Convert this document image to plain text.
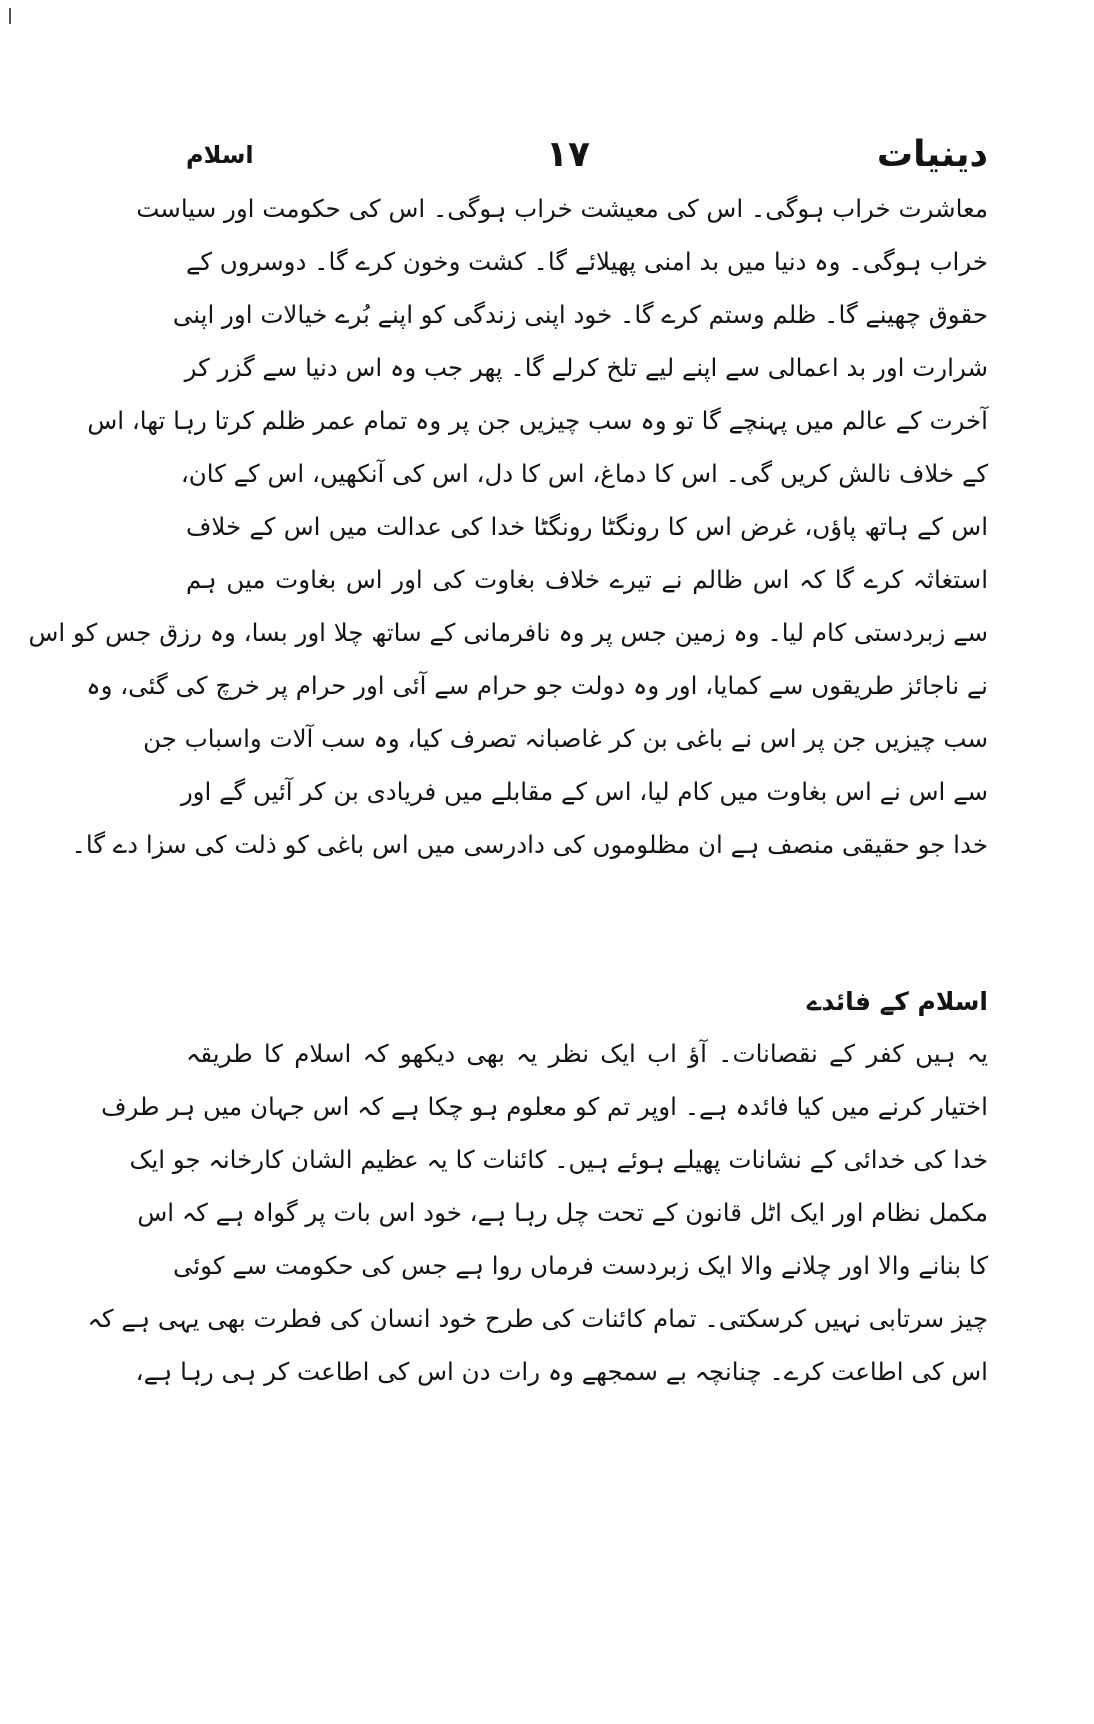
دینیات
۱۷
اسلام
معاشرت خراب ہوگی۔ اس کی معیشت خراب ہوگی۔ اس کی حکومت اور سیاست
خراب ہوگی۔ وہ دنیا میں بد امنی پھیلائے گا۔ کشت وخون کرے گا۔ دوسروں کے
حقوق چھینے گا۔ ظلم وستم کرے گا۔ خود اپنی زندگی کو اپنے بُرے خیالات اور اپنی
شرارت اور بد اعمالی سے اپنے لیے تلخ کرلے گا۔ پھر جب وہ اس دنیا سے گزر کر
آخرت کے عالم میں پہنچے گا تو وہ سب چیزیں جن پر وہ تمام عمر ظلم کرتا رہا تھا، اس
کے خلاف نالش کریں گی۔ اس کا دماغ، اس کا دل، اس کی آنکھیں، اس کے کان،
اس کے ہاتھ پاؤں، غرض اس کا رونگٹا رونگٹا خدا کی عدالت میں اس کے خلاف
استغاثہ کرے گا کہ اس ظالم نے تیرے خلاف بغاوت کی اور اس بغاوت میں ہم
سے زبردستی کام لیا۔ وہ زمین جس پر وہ نافرمانی کے ساتھ چلا اور بسا، وہ رزق جس کو اس
نے ناجائز طریقوں سے کمایا، اور وہ دولت جو حرام سے آئی اور حرام پر خرچ کی گئی، وہ
سب چیزیں جن پر اس نے باغی بن کر غاصبانہ تصرف کیا، وہ سب آلات واسباب جن
سے اس نے اس بغاوت میں کام لیا، اس کے مقابلے میں فریادی بن کر آئیں گے اور
خدا جو حقیقی منصف ہے ان مظلوموں کی دادرسی میں اس باغی کو ذلت کی سزا دے گا۔
اسلام کے فائدے
یہ ہیں کفر کے نقصانات۔ آؤ اب ایک نظر یہ بھی دیکھو کہ اسلام کا طریقہ
اختیار کرنے میں کیا فائدہ ہے۔ اوپر تم کو معلوم ہو چکا ہے کہ اس جہان میں ہر طرف
خدا کی خدائی کے نشانات پھیلے ہوئے ہیں۔ کائنات کا یہ عظیم الشان کارخانہ جو ایک
مکمل نظام اور ایک اٹل قانون کے تحت چل رہا ہے، خود اس بات پر گواہ ہے کہ اس
کا بنانے والا اور چلانے والا ایک زبردست فرماں روا ہے جس کی حکومت سے کوئی
چیز سرتابی نہیں کرسکتی۔ تمام کائنات کی طرح خود انسان کی فطرت بھی یہی ہے کہ
اس کی اطاعت کرے۔ چنانچہ بے سمجھے وہ رات دن اس کی اطاعت کر ہی رہا ہے،
